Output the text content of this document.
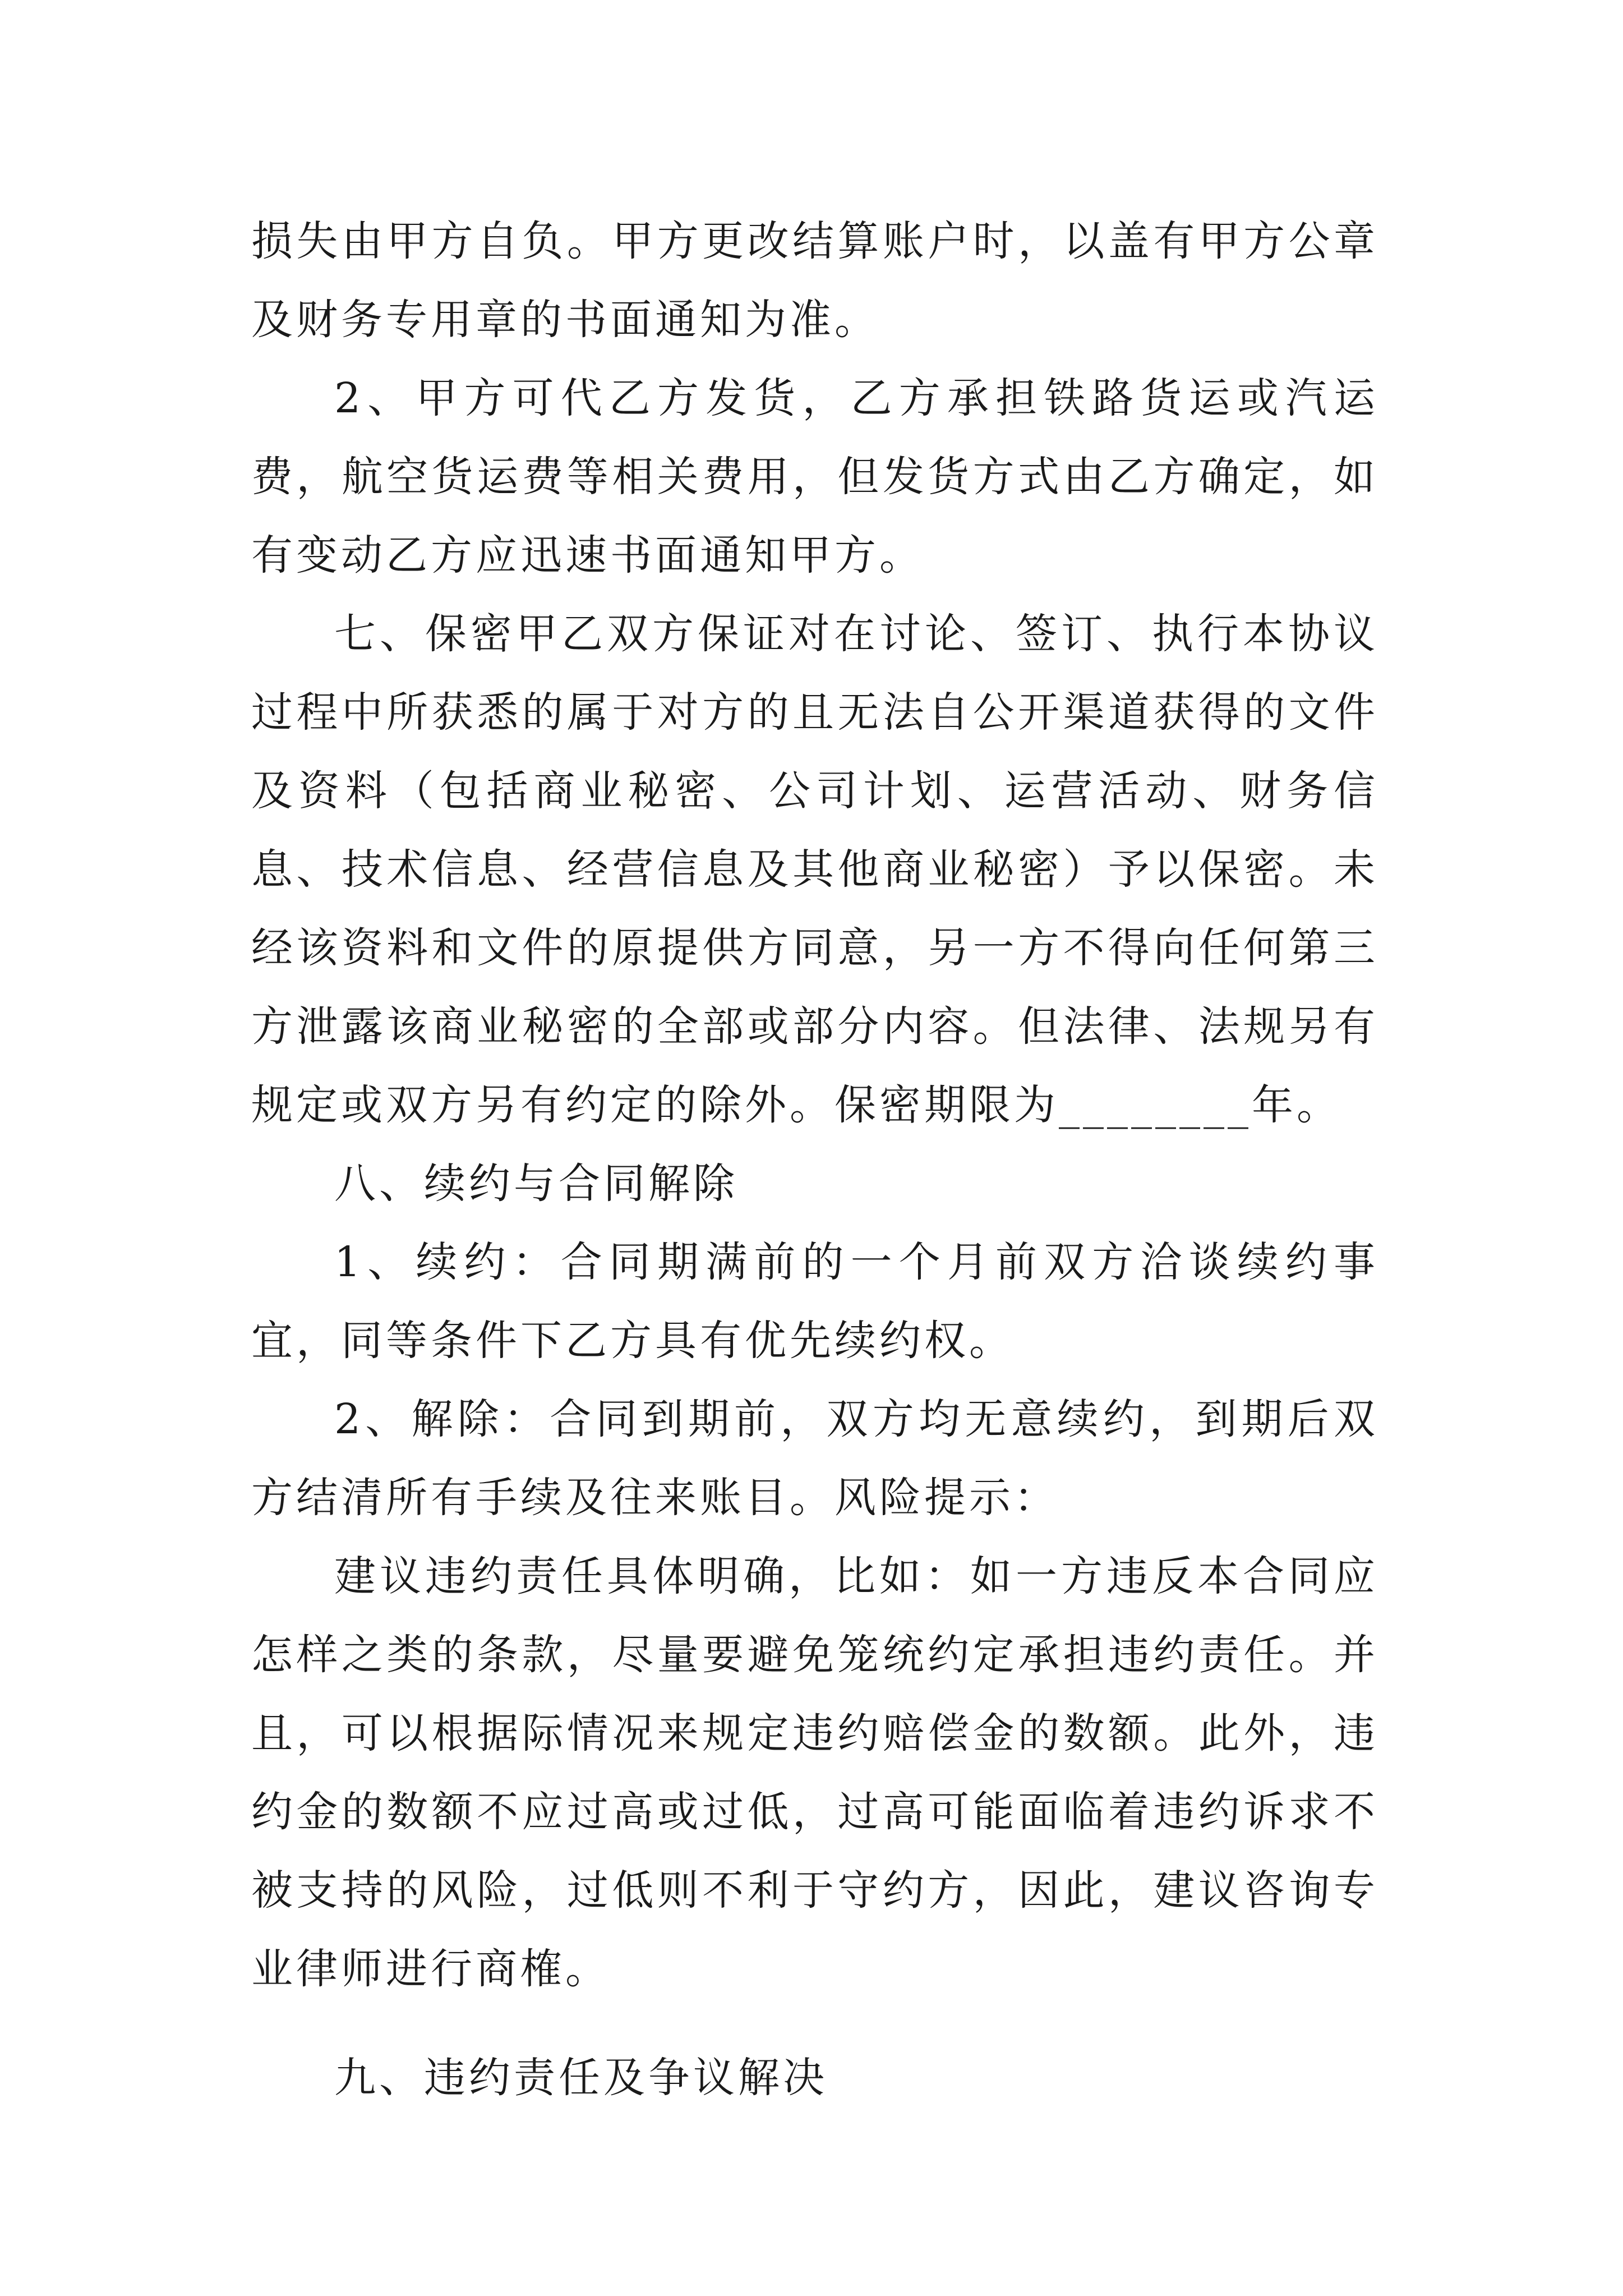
损失由甲方自负。甲方更改结算账户时，以盖有甲方公章及财务专用章的书面通知为准。

2、甲方可代乙方发货，乙方承担铁路货运或汽运费，航空货运费等相关费用，但发货方式由乙方确定，如有变动乙方应迅速书面通知甲方。

七、保密甲乙双方保证对在讨论、签订、执行本协议过程中所获悉的属于对方的且无法自公开渠道获得的文件及资料（包括商业秘密、公司计划、运营活动、财务信息、技术信息、经营信息及其他商业秘密）予以保密。未经该资料和文件的原提供方同意，另一方不得向任何第三方泄露该商业秘密的全部或部分内容。但法律、法规另有规定或双方另有约定的除外。保密期限为________年。

八、续约与合同解除

1、续约：合同期满前的一个月前双方洽谈续约事宜，同等条件下乙方具有优先续约权。

2、解除：合同到期前，双方均无意续约，到期后双方结清所有手续及往来账目。风险提示：

建议违约责任具体明确，比如：如一方违反本合同应怎样之类的条款，尽量要避免笼统约定承担违约责任。并且，可以根据际情况来规定违约赔偿金的数额。此外，违约金的数额不应过高或过低，过高可能面临着违约诉求不被支持的风险，过低则不利于守约方，因此，建议咨询专业律师进行商榷。

九、违约责任及争议解决
